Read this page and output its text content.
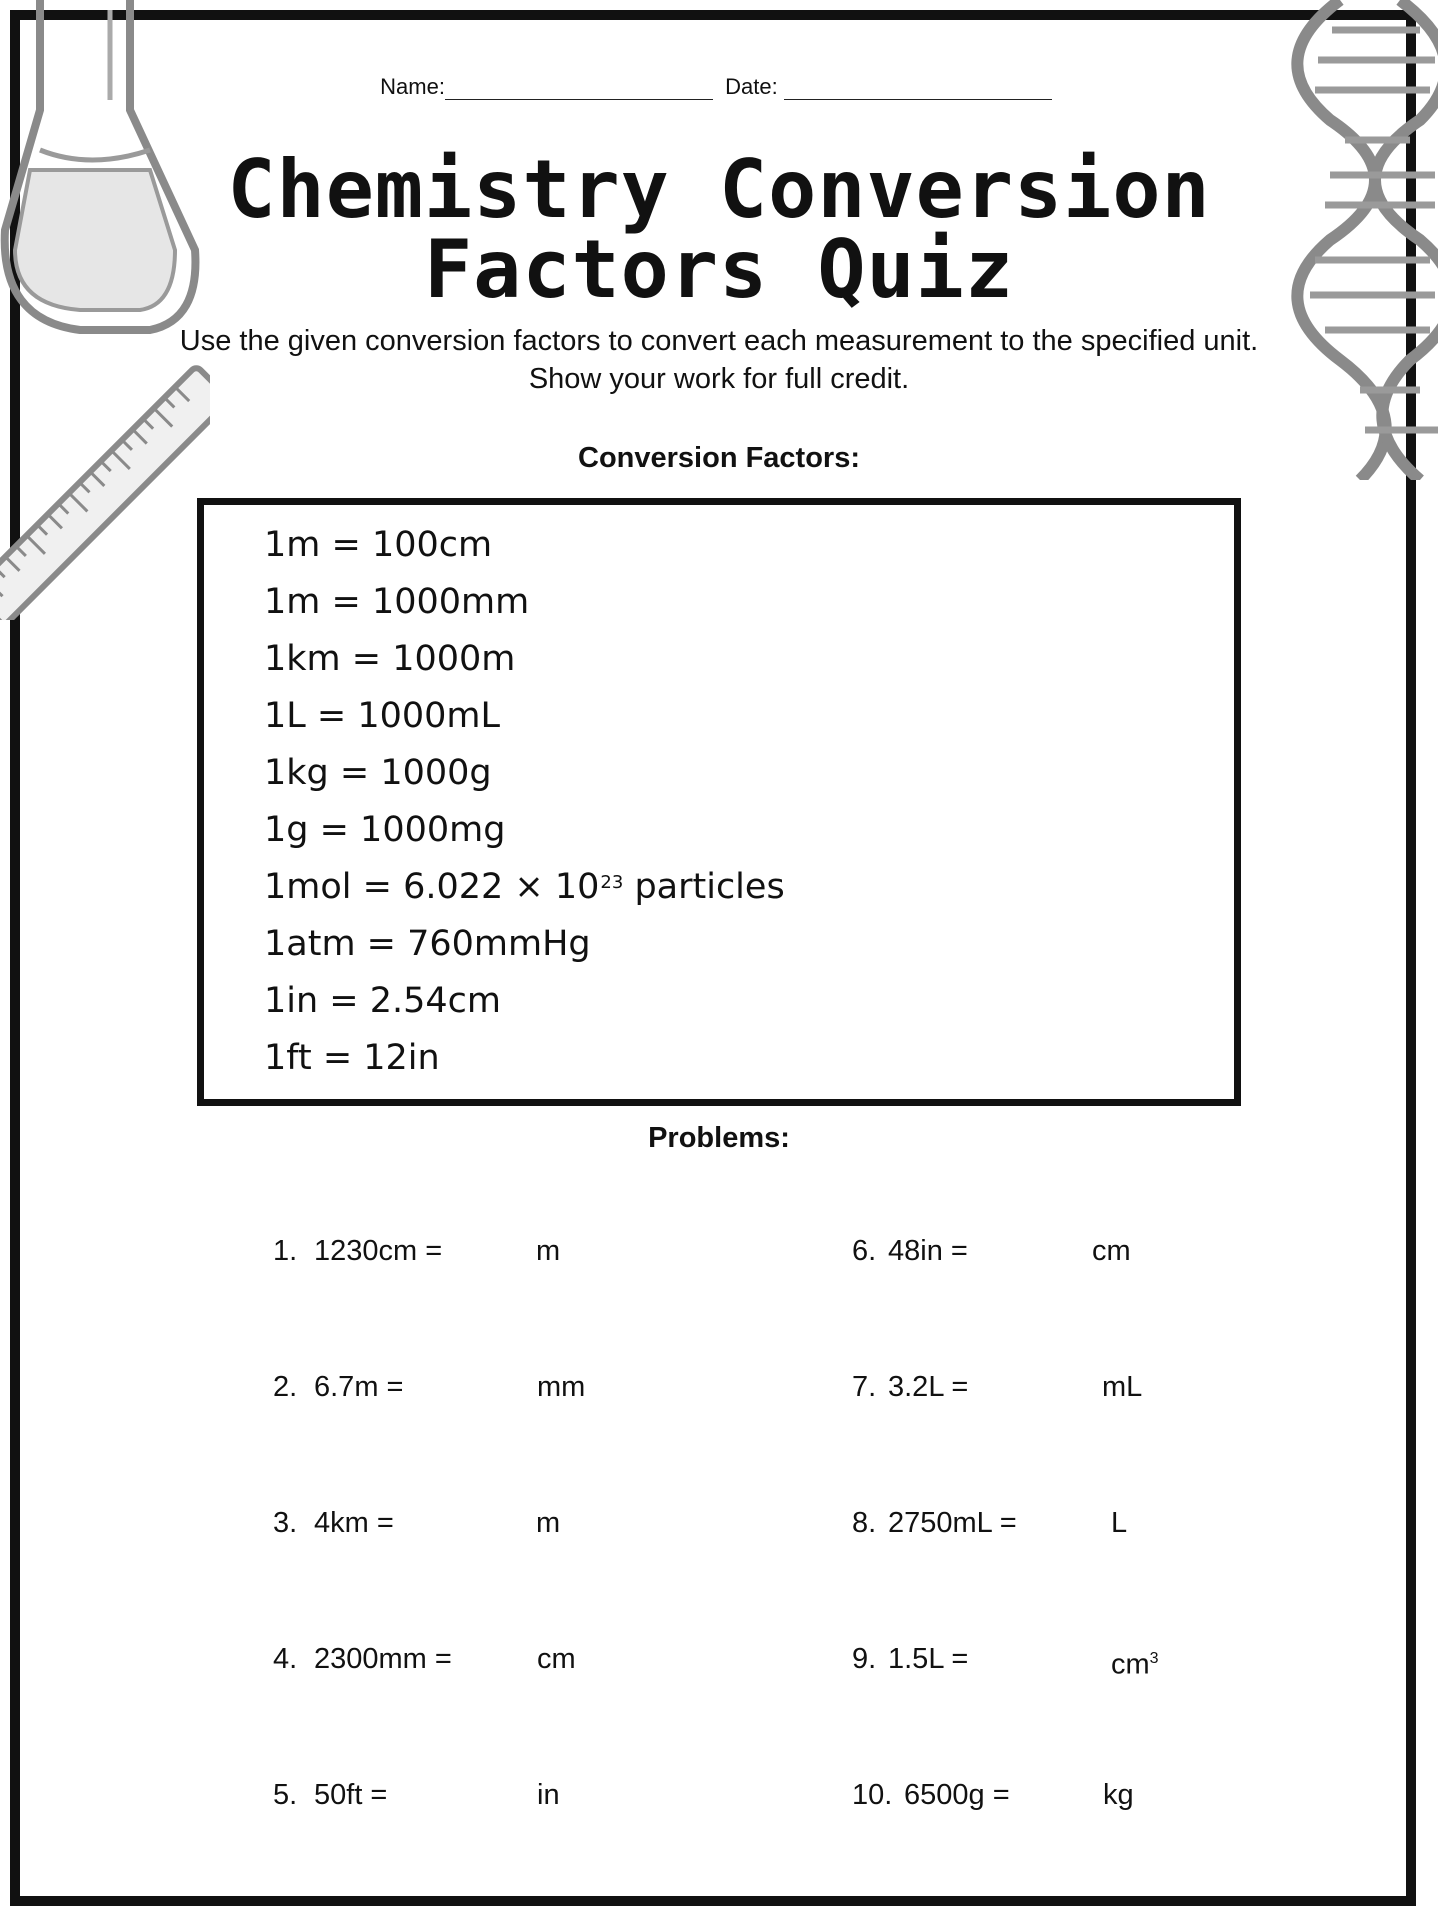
Name:	Date:
Chemistry Conversion
Factors Quiz
Use the given conversion factors to convert each measurement to the specified unit.
Show your work for full credit.
Conversion Factors:
1m = 100cm
1m = 1000mm
1km = 1000m
1L = 1000mL
1kg = 1000g
1g = 1000mg
$1mol = 6.022 \times 10^{23}$ particles
1atm = 760mmHg
1in = 2.54cm
1ft = 12in
Problems:
1. 1230cm =	m
2. 6.7m =	mm
3. 4km =	m
4. 2300mm =	cm
5. 50ft =	in
6. 48in =	cm
7. 3.2L =	mL
8. 2750mL =	L
9. 1.5L =	$cm^3$
10. 6500g =	kg
